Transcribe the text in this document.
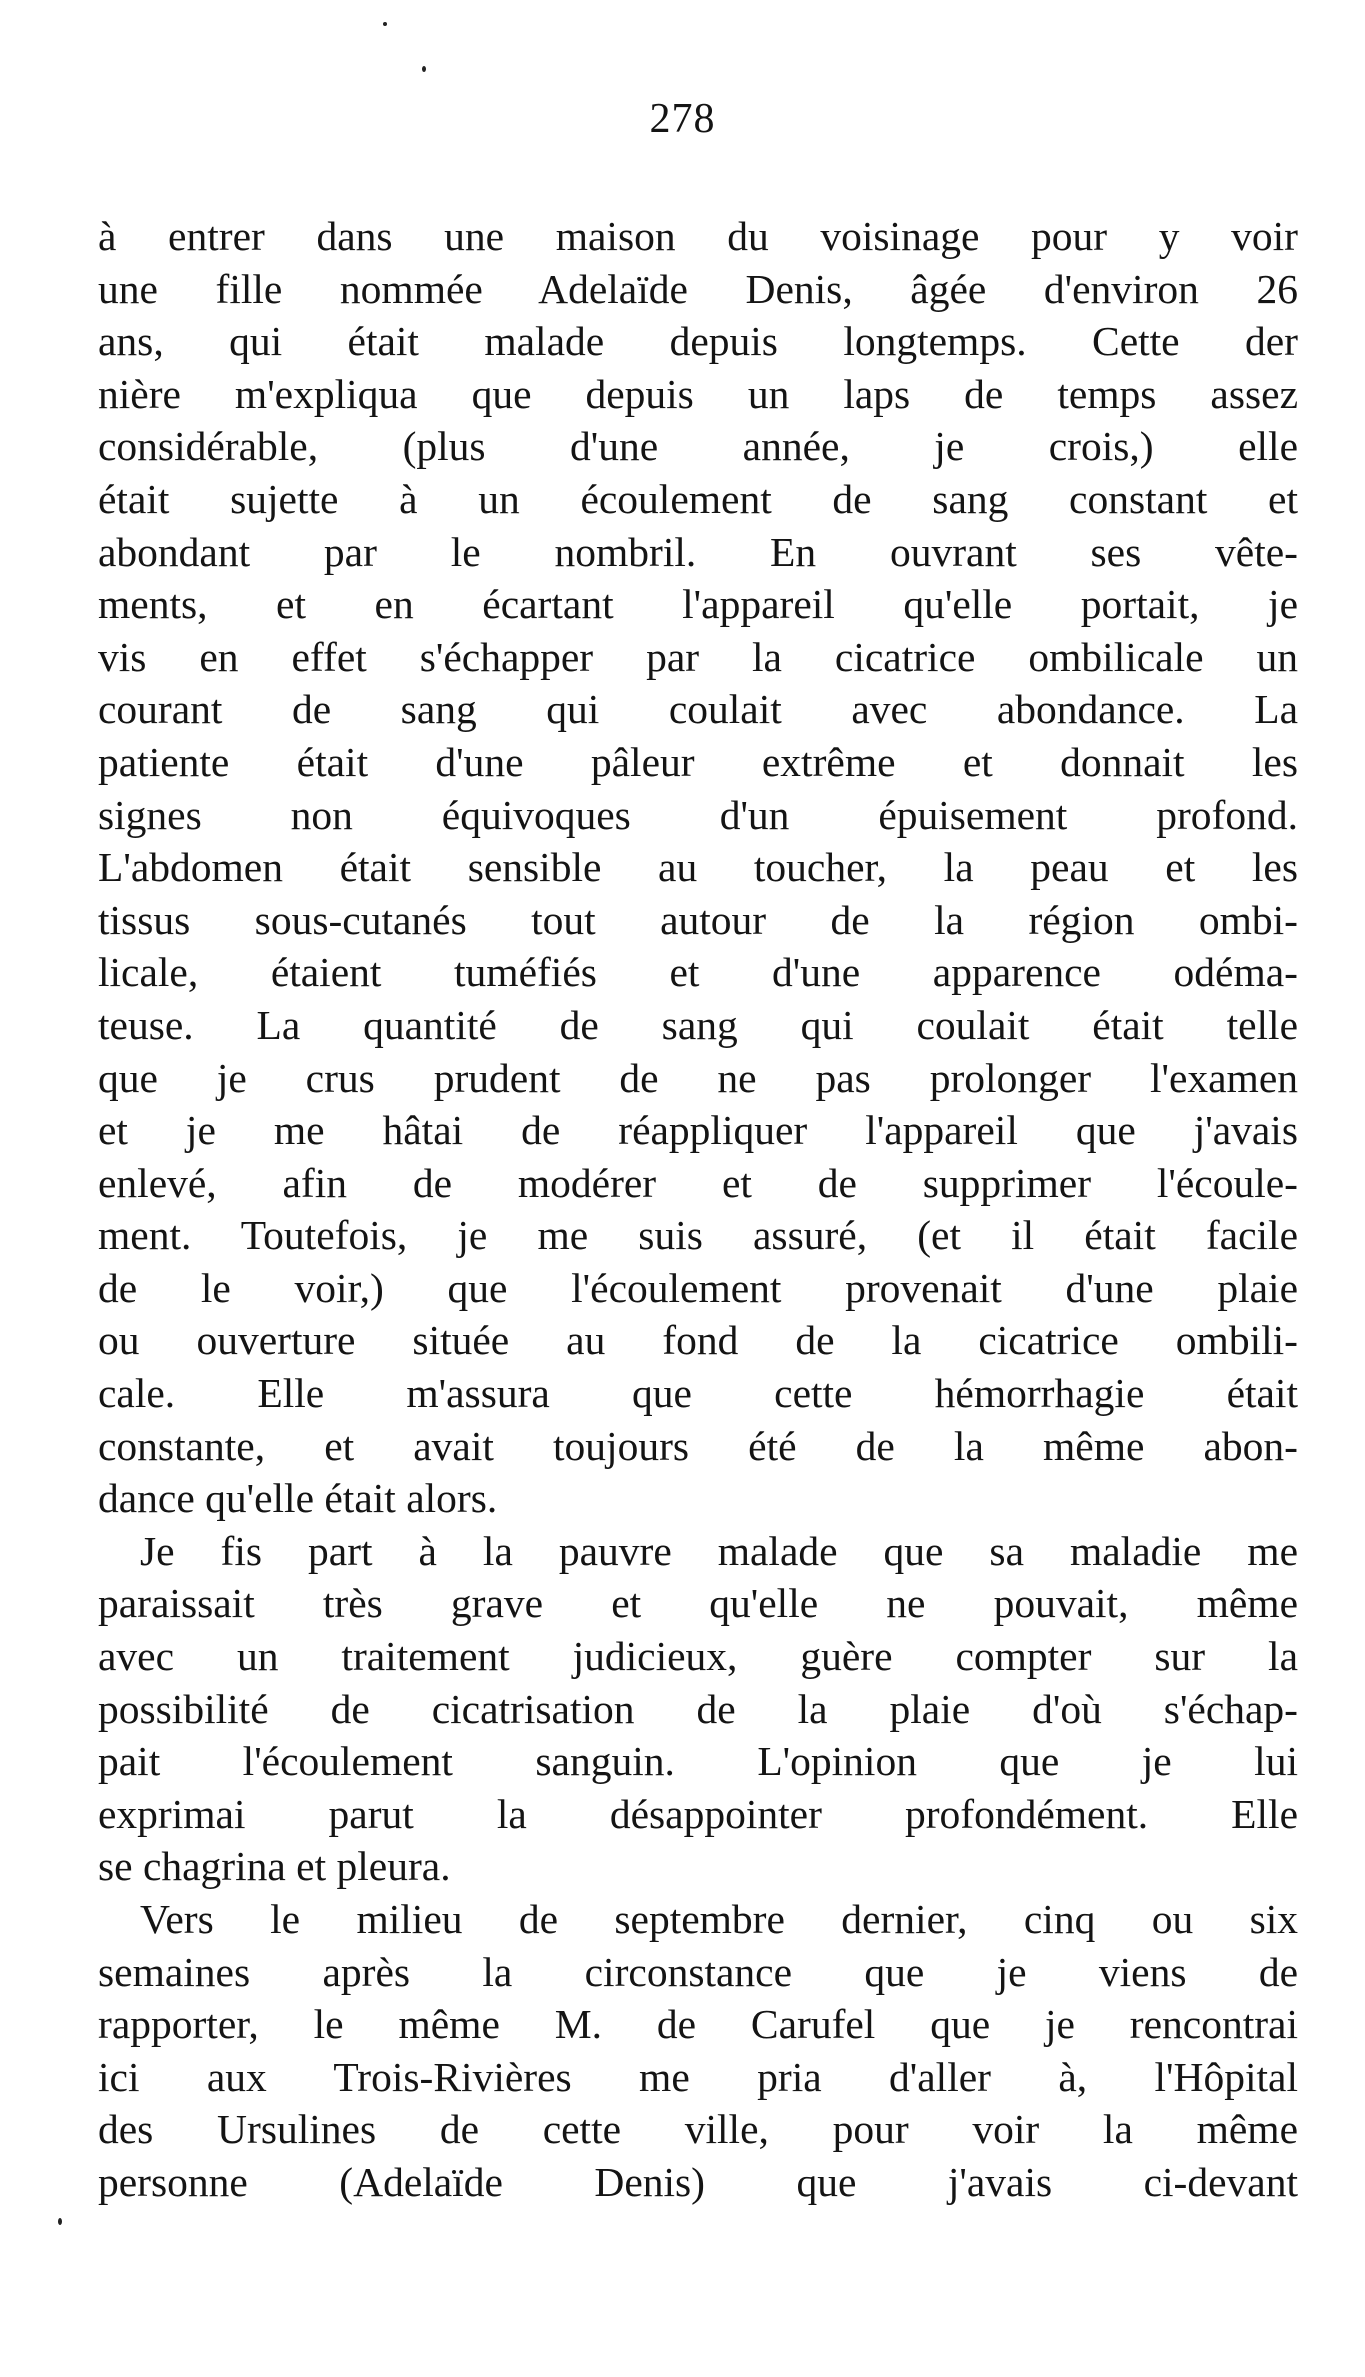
278
à entrer dans une maison du voisinage pour y voir
une fille nommée Adelaïde Denis, âgée d'environ 26
ans, qui était malade depuis longtemps. Cette der
nière m'expliqua que depuis un laps de temps assez
considérable, (plus d'une année, je crois,) elle
était sujette à un écoulement de sang constant et
abondant par le nombril. En ouvrant ses vête-
ments, et en écartant l'appareil qu'elle portait, je
vis en effet s'échapper par la cicatrice ombilicale un
courant de sang qui coulait avec abondance. La
patiente était d'une pâleur extrême et donnait les
signes non équivoques d'un épuisement profond.
L'abdomen était sensible au toucher, la peau et les
tissus sous-cutanés tout autour de la région ombi-
licale, étaient tuméfiés et d'une apparence odéma-
teuse. La quantité de sang qui coulait était telle
que je crus prudent de ne pas prolonger l'examen
et je me hâtai de réappliquer l'appareil que j'avais
enlevé, afin de modérer et de supprimer l'écoule-
ment. Toutefois, je me suis assuré, (et il était facile
de le voir,) que l'écoulement provenait d'une plaie
ou ouverture située au fond de la cicatrice ombili-
cale. Elle m'assura que cette hémorrhagie était
constante, et avait toujours été de la même abon-
dance qu'elle était alors.
Je fis part à la pauvre malade que sa maladie me
paraissait très grave et qu'elle ne pouvait, même
avec un traitement judicieux, guère compter sur la
possibilité de cicatrisation de la plaie d'où s'échap-
pait l'écoulement sanguin. L'opinion que je lui
exprimai parut la désappointer profondément. Elle
se chagrina et pleura.
Vers le milieu de septembre dernier, cinq ou six
semaines après la circonstance que je viens de
rapporter, le même M. de Carufel que je rencontrai
ici aux Trois-Rivières me pria d'aller à, l'Hôpital
des Ursulines de cette ville, pour voir la même
personne (Adelaïde Denis) que j'avais ci-devant
